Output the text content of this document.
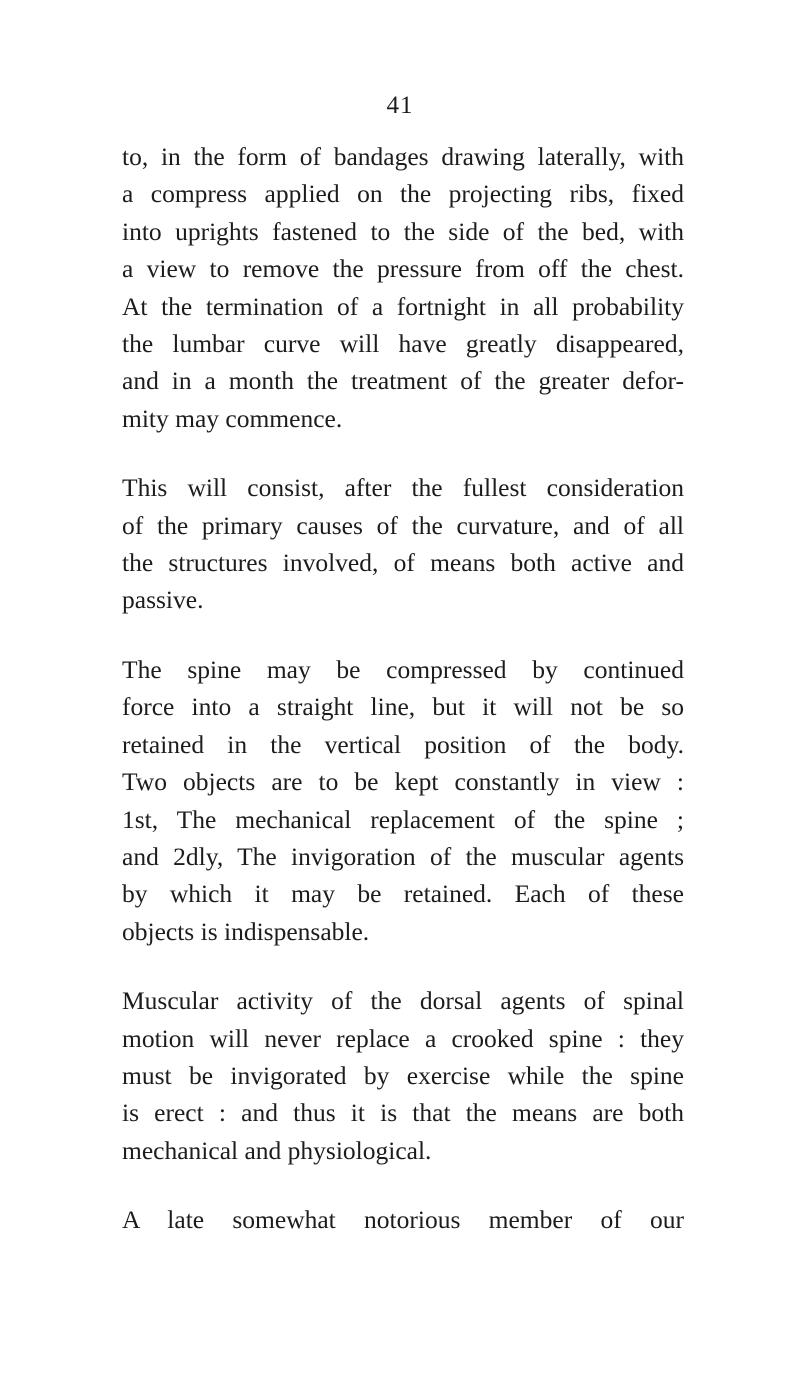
41

to, in the form of bandages drawing laterally, with
a compress applied on the projecting ribs, fixed
into uprights fastened to the side of the bed, with
a view to remove the pressure from off the chest.
At the termination of a fortnight in all probability
the lumbar curve will have greatly disappeared,
and in a month the treatment of the greater defor-
mity may commence.

This will consist, after the fullest consideration
of the primary causes of the curvature, and of all
the structures involved, of means both active and
passive.

The spine may be compressed by continued
force into a straight line, but it will not be so
retained in the vertical position of the body.
Two objects are to be kept constantly in view :
1st, The mechanical replacement of the spine ;
and 2dly, The invigoration of the muscular agents
by which it may be retained. Each of these
objects is indispensable.

Muscular activity of the dorsal agents of spinal
motion will never replace a crooked spine : they
must be invigorated by exercise while the spine
is erect : and thus it is that the means are both
mechanical and physiological.

A late somewhat notorious member of our
